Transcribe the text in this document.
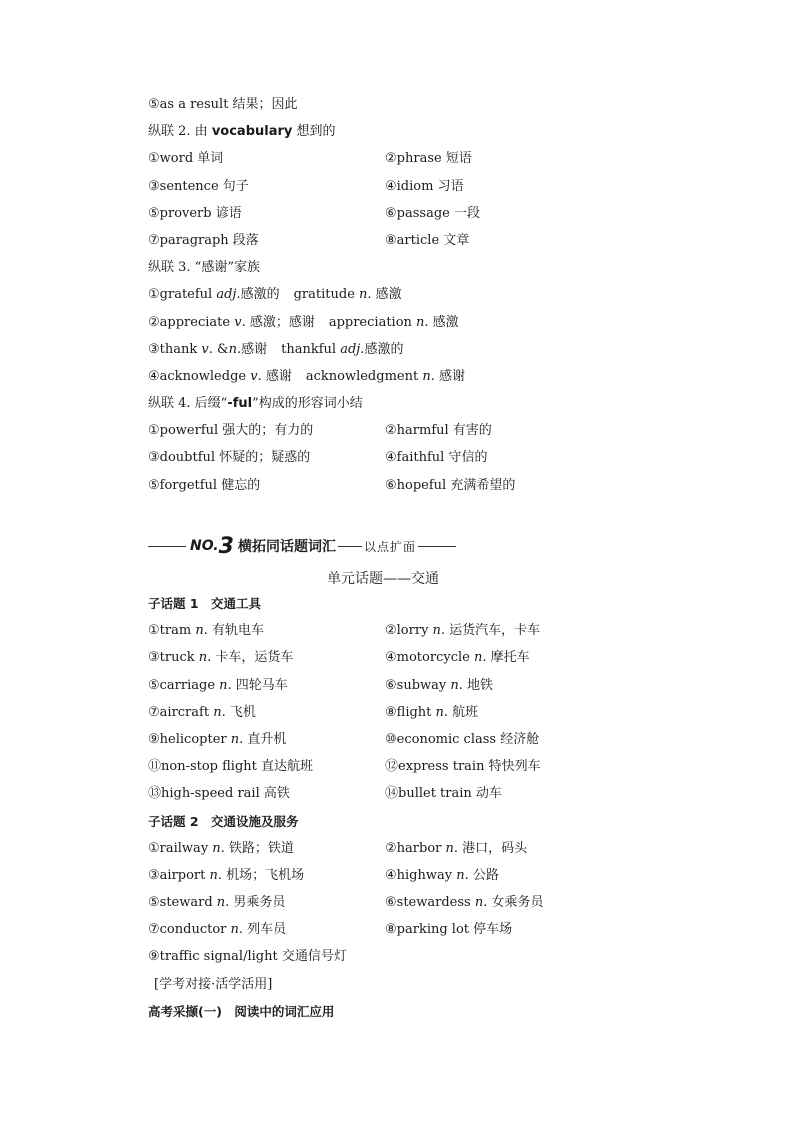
⑤as a result 结果；因此
纵联 2. 由 vocabulary 想到的
①word 单词	②phrase 短语
③sentence 句子	④idiom 习语
⑤proverb 谚语	⑥passage 一段
⑦paragraph 段落	⑧article 文章
纵联 3. “感谢”家族
①grateful adj.感激的 gratitude n. 感激
②appreciate v. 感激；感谢 appreciation n. 感激
③thank v. &n.感谢 thankful adj.感激的
④acknowledge v. 感谢 acknowledgment n. 感谢
纵联 4. 后缀“-ful”构成的形容词小结
①powerful 强大的；有力的	②harmful 有害的
③doubtful 怀疑的；疑惑的	④faithful 守信的
⑤forgetful 健忘的	⑥hopeful 充满希望的
NO. 3 横拓同话题词汇 以点扩面
单元话题——交通
子话题 1　交通工具
①tram n. 有轨电车	②lorry n. 运货汽车，卡车
③truck n. 卡车，运货车	④motorcycle n. 摩托车
⑤carriage n. 四轮马车	⑥subway n. 地铁
⑦aircraft n. 飞机	⑧flight n. 航班
⑨helicopter n. 直升机	⑩economic class 经济舱
⑪non-stop flight 直达航班	⑫express train 特快列车
⑬high-speed rail 高铁	⑭bullet train 动车
子话题 2　交通设施及服务
①railway n. 铁路；铁道	②harbor n. 港口，码头
③airport n. 机场；飞机场	④highway n. 公路
⑤steward n. 男乘务员	⑥stewardess n. 女乘务员
⑦conductor n. 列车员	⑧parking lot 停车场
⑨traffic signal/light 交通信号灯
[学考对接·活学活用]
高考采撷(一)　阅读中的词汇应用
